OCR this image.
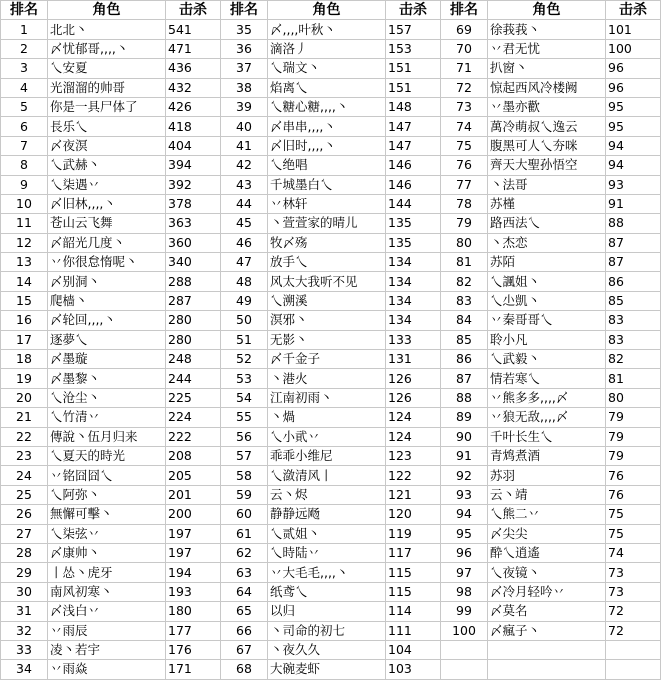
排名	角色	击杀	排名	角色	击杀	排名	角色	击杀
1	北北丶	541	35	〆,,,,叶秋丶	157	69	徐莪莪丶	101
2	〆忧郁哥,,,,丶	471	36	滴洛丿	153	70	丷君无忧	100
3	乀安夏	436	37	乀瑞文丶	151	71	扒窗丶	96
4	光溜溜的帅哥	432	38	焰离乀	151	72	惊起西风冷楼阙	96
5	你是一具尸体了	426	39	乀糖心糖,,,,丶	148	73	丷墨亦歡	95
6	長乐乀	418	40	〆串串,,,,丶	147	74	萬冷萌叔乀逸云	95
7	〆夜溟	404	41	〆旧时,,,,丶	147	75	腹黑可人乀夯咪	94
8	乀武赫丶	394	42	乀绝唱	146	76	齊天大聖孙悟空	94
9	乀柒遇丷	392	43	千城墨白乀	146	77	丶法哥	93
10	〆旧林,,,,丶	378	44	丷林轩	144	78	苏槿	91
11	苍山云飞舞	363	45	丶萱萱家的晴儿	135	79	路西法乀	88
12	〆韶光几度丶	360	46	牧〆殇	135	80	丶杰恋	87
13	丷你很怠惰呢丶	340	47	放手乀	134	81	苏陌	87
14	〆别洞丶	288	48	风太大我听不见	134	82	乀諷姐丶	86
15	爬樯丶	287	49	乀溯溪	134	83	乀尐凱丶	85
16	〆轮回,,,,丶	280	50	溟邪丶	134	84	丷秦哥哥乀	83
17	逐夢乀	280	51	无影丶	133	85	聆小凡	83
18	〆墨璇	248	52	〆千金子	131	86	乀武毅丶	82
19	〆墨黎丶	244	53	丶港火	126	87	情若寒乀	81
20	乀沧尘丶	225	54	江南初雨丶	126	88	丷熊多多,,,,〆	80
21	乀竹清丷	224	55	丶煱	124	89	丷狼无敌,,,,〆	79
22	傳說丶伍月归来	222	56	乀小貮丷	124	90	千叶长生乀	79
23	乀夏天的時光	208	57	乖乖小维尼	123	91	青鸩煮酒	79
24	丷铭囧囧乀	205	58	乀潋清风丨	122	92	苏羽	76
25	乀阿弥丶	201	59	云丶烬	121	93	云丶靖	76
26	無懈可擊丶	200	60	静静远飏	120	94	乀熊二丷	75
27	乀柒弦丷	197	61	乀贰姐丶	119	95	〆尖尖	75
28	〆康帅丶	197	62	乀時陆丷	117	96	酔乀逍遙	74
29	丨怂丶虎牙	194	63	丷大毛毛,,,,丶	115	97	乀夜镜丶	73
30	南风初寒丶	193	64	纸鸢乀	115	98	〆冷月轻吟丷	73
31	〆浅白丷	180	65	以归	114	99	〆莫名	72
32	丷雨辰	177	66	丶司命的初七	111	100	〆瘋子丶	72
33	凌丶若宇	176	67	丶夜久久	104			
34	丷雨焱	171	68	大碗麦虾	103			
